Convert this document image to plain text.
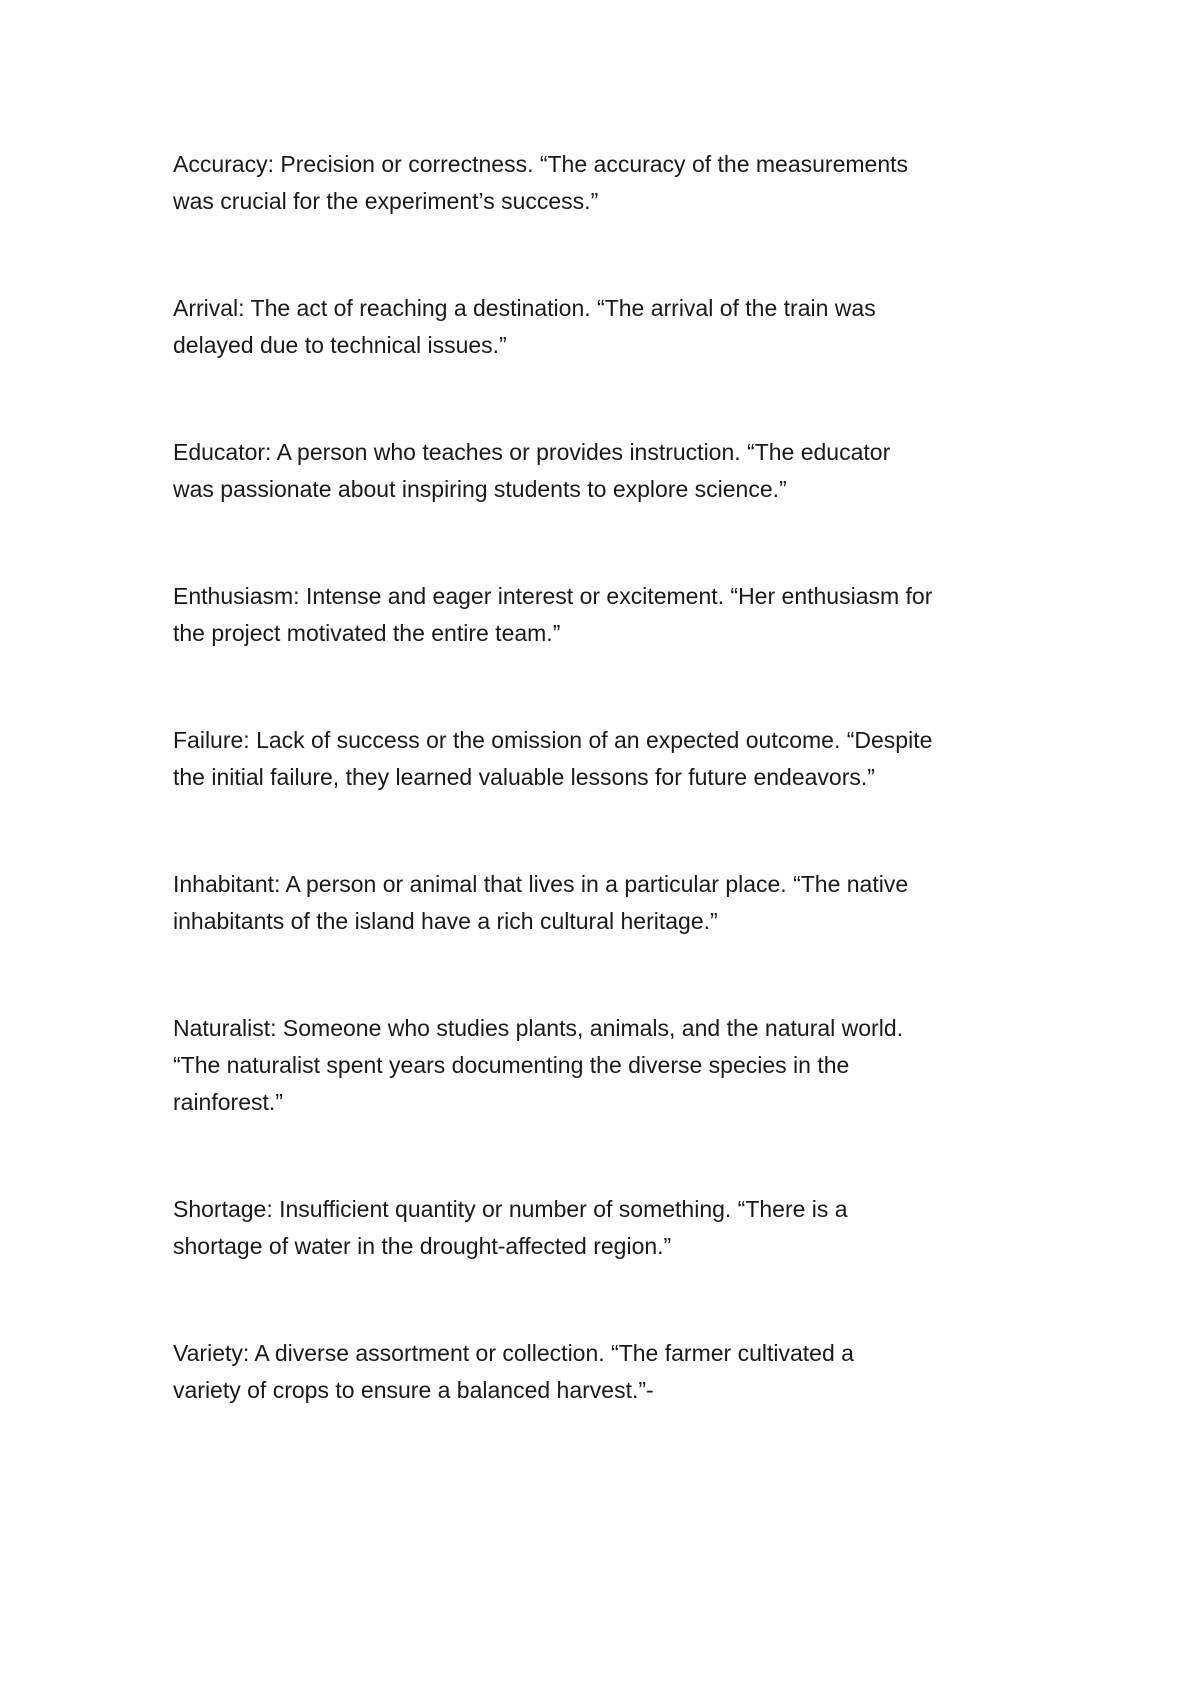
Accuracy: Precision or correctness. “The accuracy of the measurements
was crucial for the experiment’s success.”

Arrival: The act of reaching a destination. “The arrival of the train was
delayed due to technical issues.”

Educator: A person who teaches or provides instruction. “The educator
was passionate about inspiring students to explore science.”

Enthusiasm: Intense and eager interest or excitement. “Her enthusiasm for
the project motivated the entire team.”

Failure: Lack of success or the omission of an expected outcome. “Despite
the initial failure, they learned valuable lessons for future endeavors.”

Inhabitant: A person or animal that lives in a particular place. “The native
inhabitants of the island have a rich cultural heritage.”

Naturalist: Someone who studies plants, animals, and the natural world.
“The naturalist spent years documenting the diverse species in the
rainforest.”

Shortage: Insufficient quantity or number of something. “There is a
shortage of water in the drought-affected region.”

Variety: A diverse assortment or collection. “The farmer cultivated a
variety of crops to ensure a balanced harvest.”-
